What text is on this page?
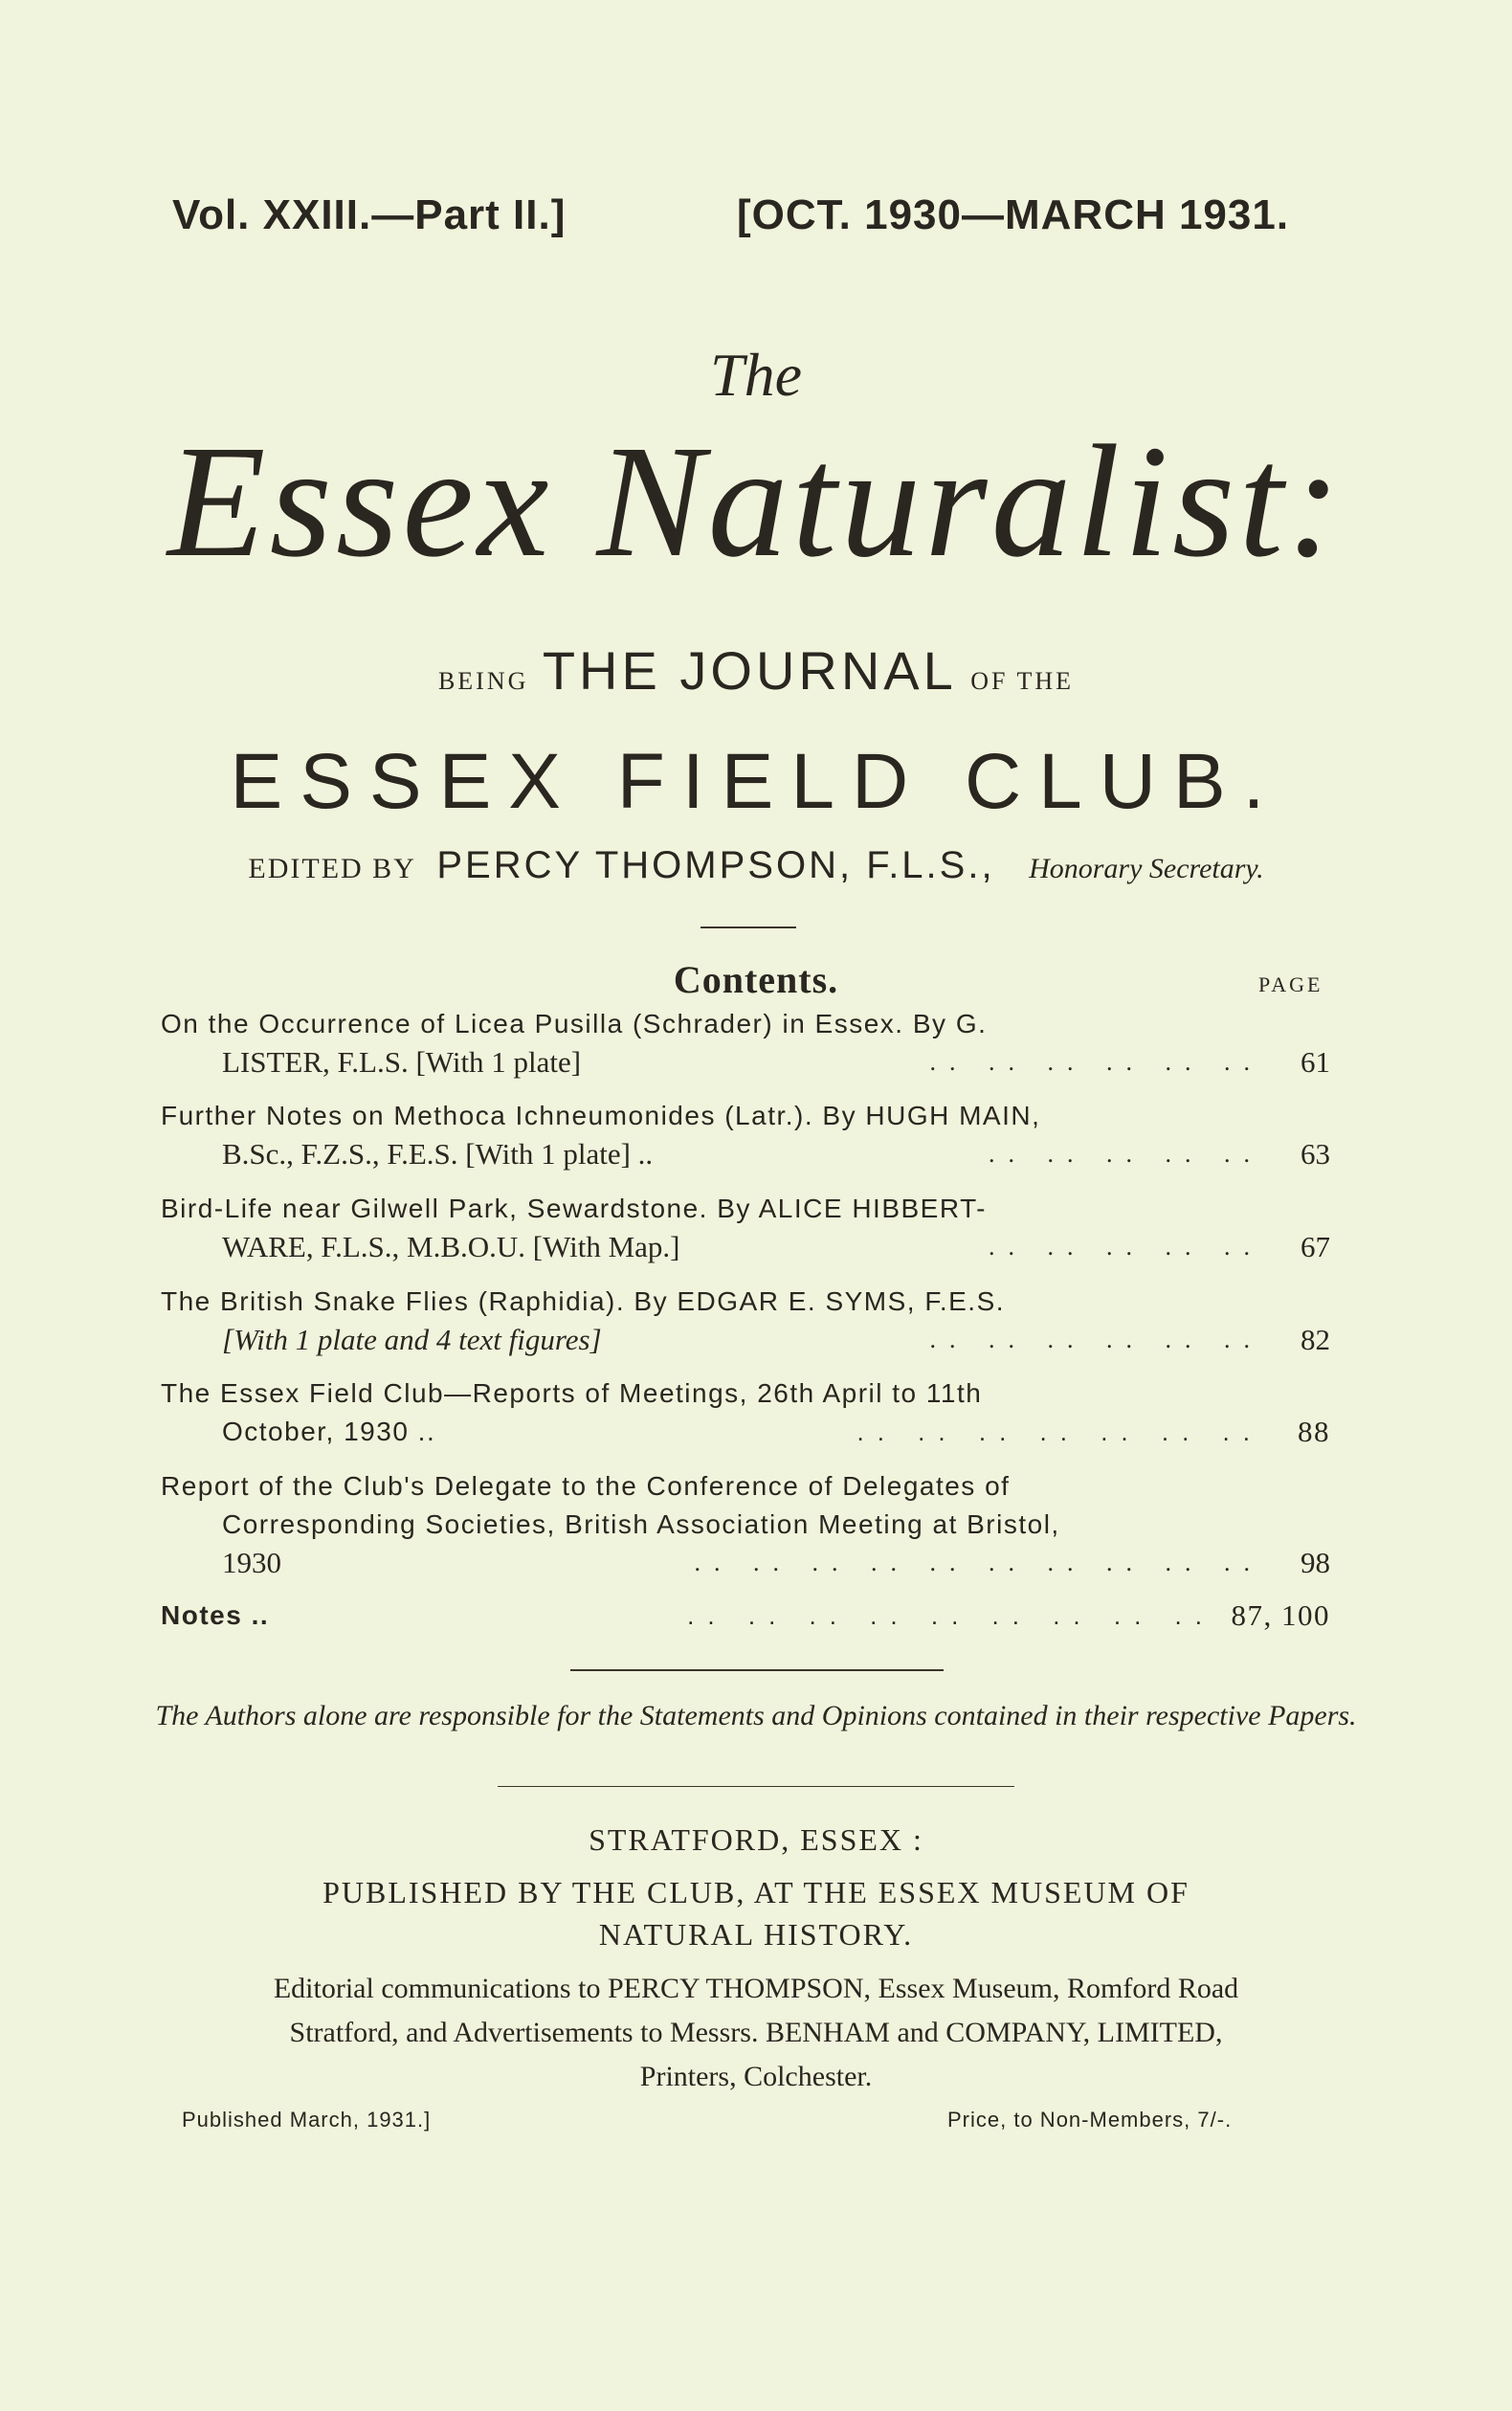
Vol. XXIII.—Part II.]	[OCT. 1930—MARCH 1931.
The
Essex Naturalist:
BEING THE JOURNAL OF THE
ESSEX FIELD CLUB.
EDITED BY PERCY THOMPSON, F.L.S., Honorary Secretary.
Contents.	PAGE
On the Occurrence of Licea Pusilla (Schrader) in Essex. By G.
LISTER, F.L.S. [With 1 plate]	.. .. .. .. .. .. 61
Further Notes on Methoca Ichneumonides (Latr.). By HUGH MAIN,
B.Sc., F.Z.S., F.E.S. [With 1 plate] ..	.. .. .. .. .. 63
Bird-Life near Gilwell Park, Sewardstone. By ALICE HIBBERT-
WARE, F.L.S., M.B.O.U. [With Map.]	.. .. .. .. .. 67
The British Snake Flies (Raphidia). By EDGAR E. SYMS, F.E.S.
[With 1 plate and 4 text figures]	.. .. .. .. .. .. 82
The Essex Field Club—Reports of Meetings, 26th April to 11th
October, 1930 ..	.. .. .. .. .. .. .. 88
Report of the Club's Delegate to the Conference of Delegates of
Corresponding Societies, British Association Meeting at Bristol,
1930	.. .. .. .. .. .. .. .. .. .. 98
Notes ..	.. .. .. .. .. .. .. .. .. 87, 100
The Authors alone are responsible for the Statements and Opinions contained in their respective Papers.
STRATFORD, ESSEX :
PUBLISHED BY THE CLUB, AT THE ESSEX MUSEUM OF
NATURAL HISTORY.
Editorial communications to PERCY THOMPSON, Essex Museum, Romford Road
Stratford, and Advertisements to Messrs. BENHAM and COMPANY, LIMITED,
Printers, Colchester.
Published March, 1931.]	Price, to Non-Members, 7/-.
